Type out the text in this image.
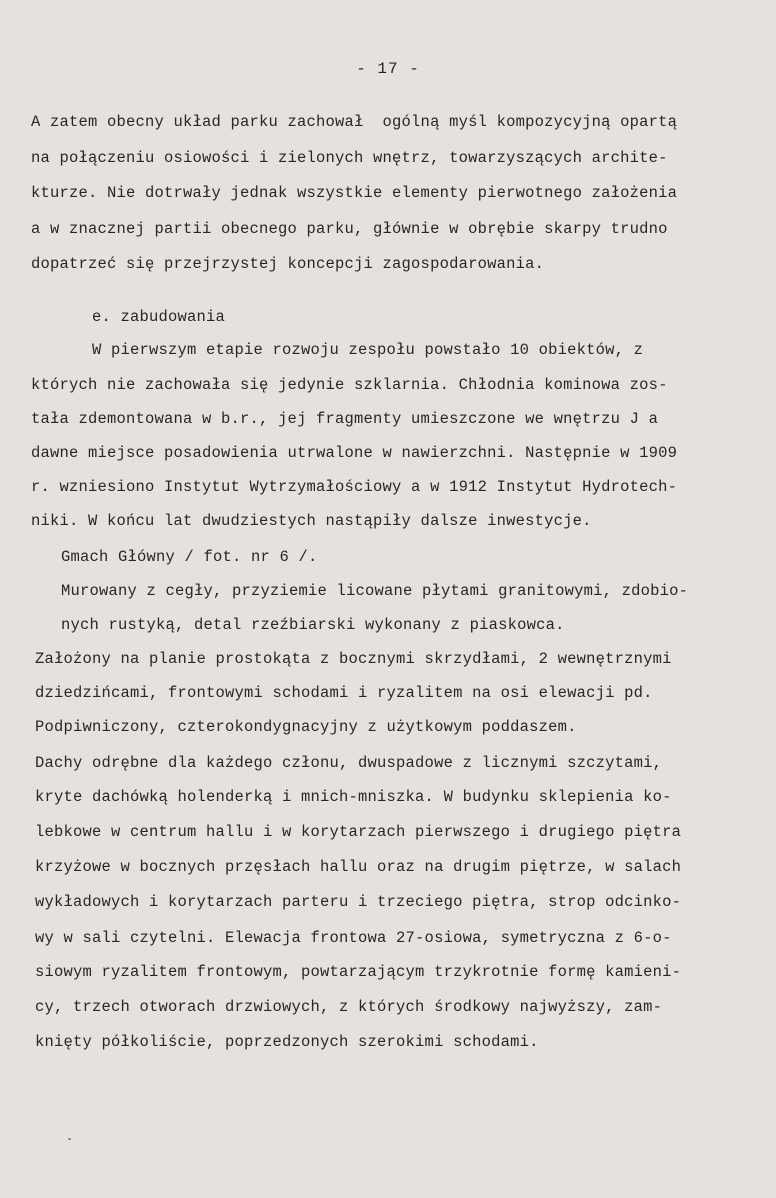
- 17 -
A zatem obecny układ parku zachował  ogólną myśl kompozycyjną opartą
na połączeniu osiowości i zielonych wnętrz, towarzyszących archite-
kturze. Nie dotrwały jednak wszystkie elementy pierwotnego założenia
a w znacznej partii obecnego parku, głównie w obrębie skarpy trudno
dopatrzeć się przejrzystej koncepcji zagospodarowania.
e. zabudowania
W pierwszym etapie rozwoju zespołu powstało 10 obiektów, z
których nie zachowała się jedynie szklarnia. Chłodnia kominowa zos-
tała zdemontowana w b.r., jej fragmenty umieszczone we wnętrzu J a
dawne miejsce posadowienia utrwalone w nawierzchni. Następnie w 1909
r. wzniesiono Instytut Wytrzymałościowy a w 1912 Instytut Hydrotech-
niki. W końcu lat dwudziestych nastąpiły dalsze inwestycje.
Gmach Główny / fot. nr 6 /.
Murowany z cegły, przyziemie licowane płytami granitowymi, zdobio-
nych rustyką, detal rzeźbiarski wykonany z piaskowca.
Założony na planie prostokąta z bocznymi skrzydłami, 2 wewnętrznymi
dziedzińcami, frontowymi schodami i ryzalitem na osi elewacji pd.
Podpiwniczony, czterokondygnacyjny z użytkowym poddaszem.
Dachy odrębne dla każdego członu, dwuspadowe z licznymi szczytami,
kryte dachówką holenderką i mnich-mniszka. W budynku sklepienia ko-
lebkowe w centrum hallu i w korytarzach pierwszego i drugiego piętra
krzyżowe w bocznych przęsłach hallu oraz na drugim piętrze, w salach
wykładowych i korytarzach parteru i trzeciego piętra, strop odcinko-
wy w sali czytelni. Elewacja frontowa 27-osiowa, symetryczna z 6-o-
siowym ryzalitem frontowym, powtarzającym trzykrotnie formę kamieni-
cy, trzech otworach drzwiowych, z których środkowy najwyższy, zam-
knięty półkoliście, poprzedzonych szerokimi schodami.
